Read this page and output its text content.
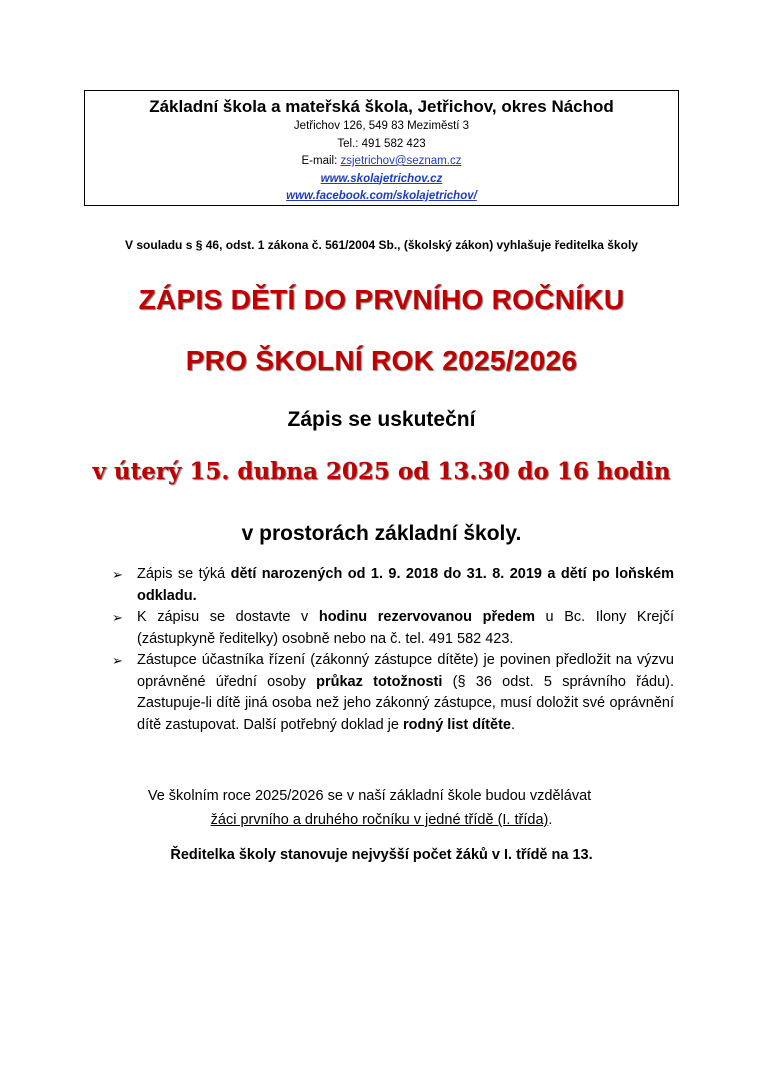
Základní škola a mateřská škola, Jetřichov, okres Náchod
Jetřichov 126, 549 83 Meziměstí 3
Tel.: 491 582 423
E-mail: zsjetrichov@seznam.cz
www.skolajetrichov.cz
www.facebook.com/skolajetrichov/
V souladu s § 46, odst. 1 zákona č. 561/2004 Sb., (školský zákon) vyhlašuje ředitelka školy
ZÁPIS DĚTÍ DO PRVNÍHO ROČNÍKU
PRO ŠKOLNÍ ROK 2025/2026
Zápis se uskuteční
v úterý 15. dubna 2025 od 13.30 do 16 hodin
v prostorách základní školy.
➢ Zápis se týká dětí narozených od 1. 9. 2018 do 31. 8. 2019 a dětí po loňském odkladu.
➢ K zápisu se dostavte v hodinu rezervovanou předem u Bc. Ilony Krejčí (zástupkyně ředitelky) osobně nebo na č. tel. 491 582 423.
➢ Zástupce účastníka řízení (zákonný zástupce dítěte) je povinen předložit na výzvu oprávněné úřední osoby průkaz totožnosti (§ 36 odst. 5 správního řádu). Zastupuje-li dítě jiná osoba než jeho zákonný zástupce, musí doložit své oprávnění dítě zastupovat. Další potřebný doklad je rodný list dítěte.
Ve školním roce 2025/2026 se v naší základní škole budou vzdělávat
žáci prvního a druhého ročníku v jedné třídě (I. třída).
Ředitelka školy stanovuje nejvyšší počet žáků v I. třídě na 13.
